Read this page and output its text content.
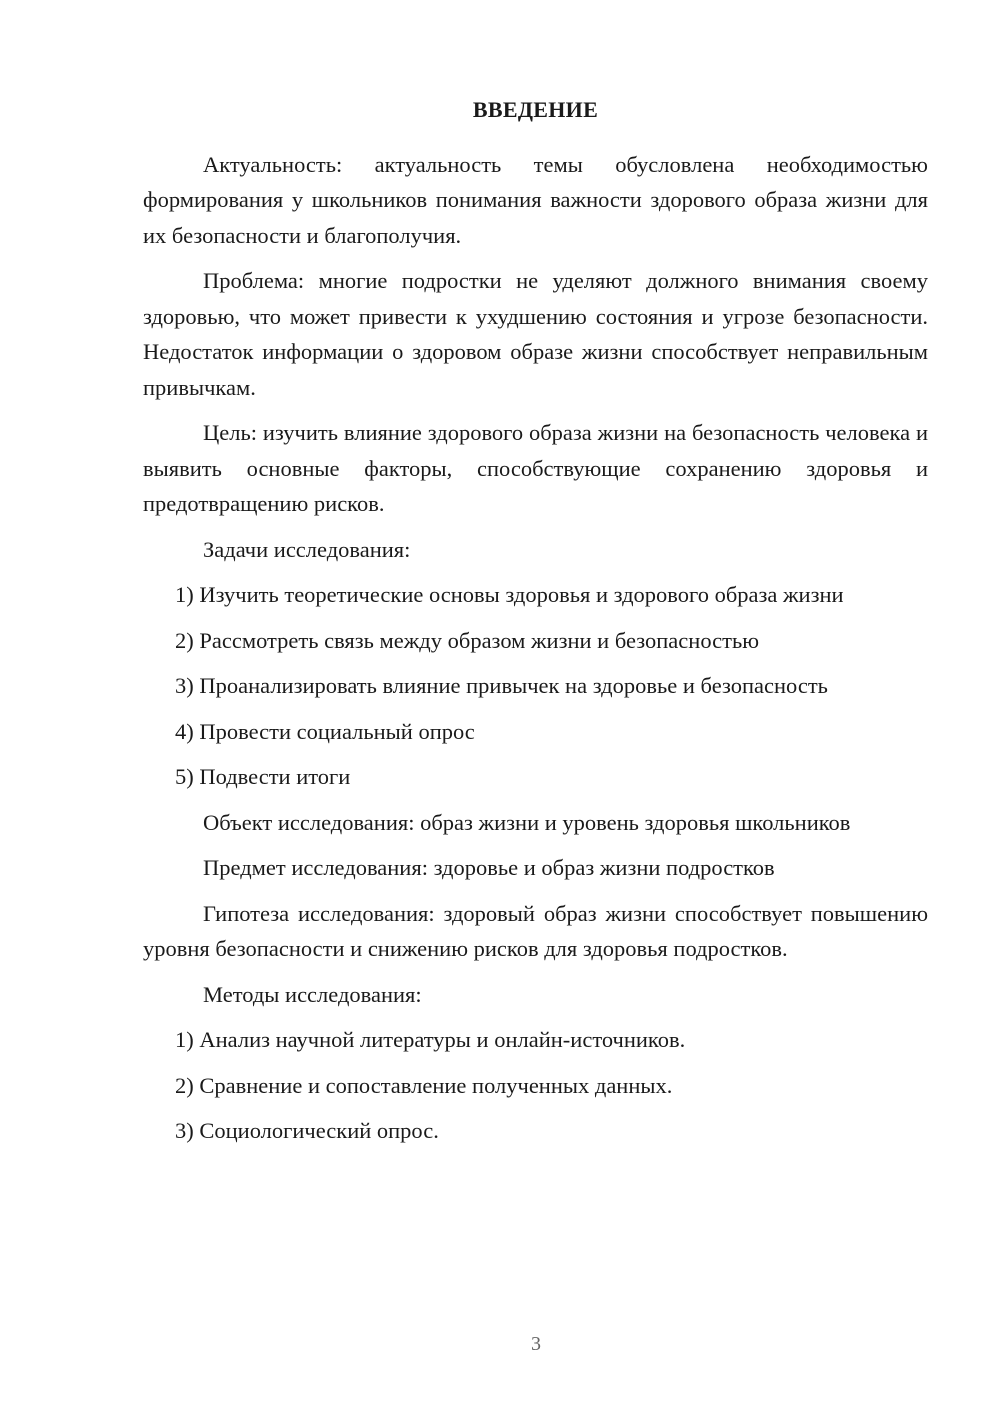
ВВЕДЕНИЕ

Актуальность: актуальность темы обусловлена необходимостью формирования у школьников понимания важности здорового образа жизни для их безопасности и благополучия.

Проблема: многие подростки не уделяют должного внимания своему здоровью, что может привести к ухудшению состояния и угрозе безопасности. Недостаток информации о здоровом образе жизни способствует неправильным привычкам.

Цель: изучить влияние здорового образа жизни на безопасность человека и выявить основные факторы, способствующие сохранению здоровья и предотвращению рисков.

Задачи исследования:

1) Изучить теоретические основы здоровья и здорового образа жизни

2) Рассмотреть связь между образом жизни и безопасностью

3) Проанализировать влияние привычек на здоровье и безопасность

4) Провести социальный опрос

5) Подвести итоги

Объект исследования: образ жизни и уровень здоровья школьников

Предмет исследования: здоровье и образ жизни подростков

Гипотеза исследования: здоровый образ жизни способствует повышению уровня безопасности и снижению рисков для здоровья подростков.

Методы исследования:

1) Анализ научной литературы и онлайн-источников.

2) Сравнение и сопоставление полученных данных.

3) Социологический опрос.

3
